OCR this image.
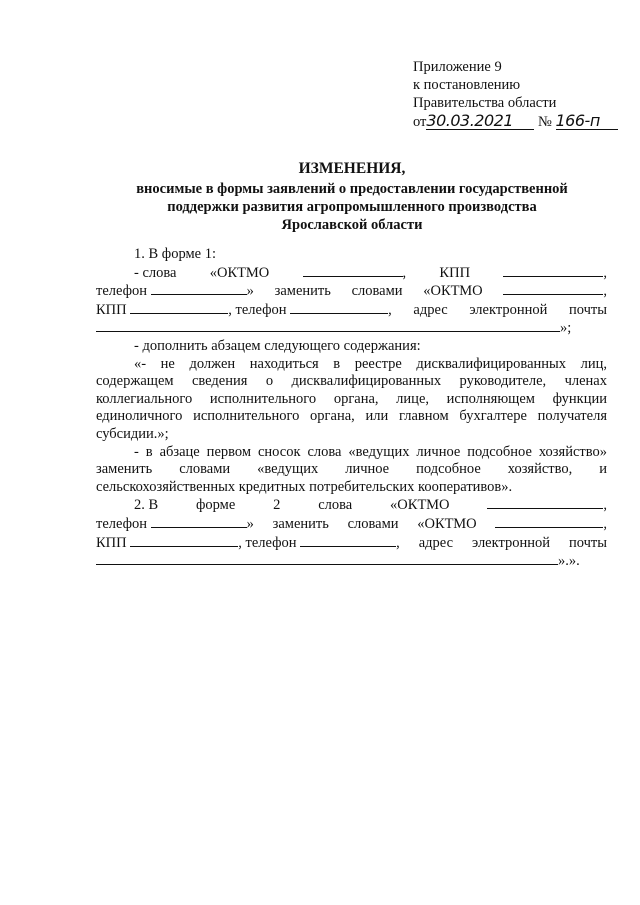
Приложение 9
к постановлению
Правительства области
от30.03.2021 № 166-п
ИЗМЕНЕНИЯ,
вносимые в формы заявлений о предоставлении государственной
поддержки развития агропромышленного производства
Ярославской области
1. В форме 1:
- слова «ОКТМО	, КПП	,
телефон	» заменить словами «ОКТМО	,
КПП	, телефон	, адрес электронной почты
»;
- дополнить абзацем следующего содержания:

«- не должен находиться в реестре дисквалифицированных лиц, содержащем сведения о дисквалифицированных руководителе, членах коллегиального исполнительного органа, лице, исполняющем функции единоличного исполнительного органа, или главном бухгалтере получателя субсидии.»;

- в абзаце первом сносок слова «ведущих личное подсобное хозяйство» заменить словами «ведущих личное подсобное хозяйство, и сельскохозяйственных кредитных потребительских кооперативов».

2. В	форме	2	слова	«ОКТМО	,
телефон	» заменить словами «ОКТМО	,
КПП	, телефон	, адрес электронной почты
».».
